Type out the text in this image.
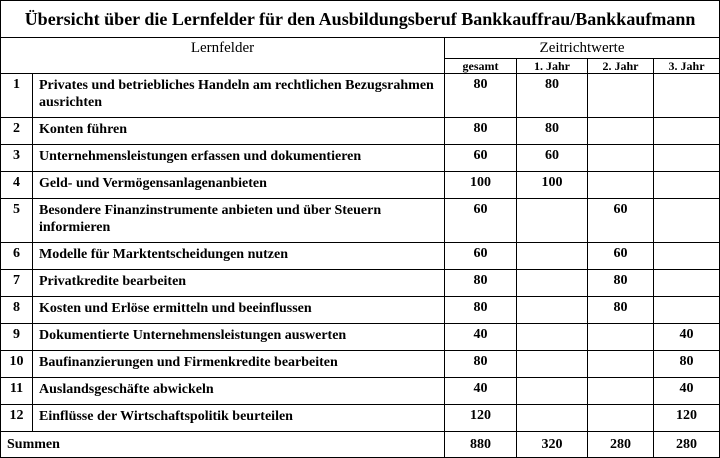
Übersicht über die Lernfelder für den Ausbildungsberuf Bankkauffrau/Bankkaufmann					
Lernfelder		Zeitrichtwerte			
		gesamt	1. Jahr	2. Jahr	3. Jahr
1	Privates und betriebliches Handeln am rechtlichen Bezugsrahmen ausrichten	80	80		
2	Konten führen	80	80		
3	Unternehmensleistungen erfassen und dokumentieren	60	60		
4	Geld- und Vermögensanlagenanbieten	100	100		
5	Besondere Finanzinstrumente anbieten und über Steuern informieren	60		60	
6	Modelle für Marktentscheidungen nutzen	60		60	
7	Privatkredite bearbeiten	80		80	
8	Kosten und Erlöse ermitteln und beeinflussen	80		80	
9	Dokumentierte Unternehmensleistungen auswerten	40			40
10	Baufinanzierungen und Firmenkredite bearbeiten	80			80
11	Auslandsgeschäfte abwickeln	40			40
12	Einflüsse der Wirtschaftspolitik beurteilen	120			120
Summen		880	320	280	280
